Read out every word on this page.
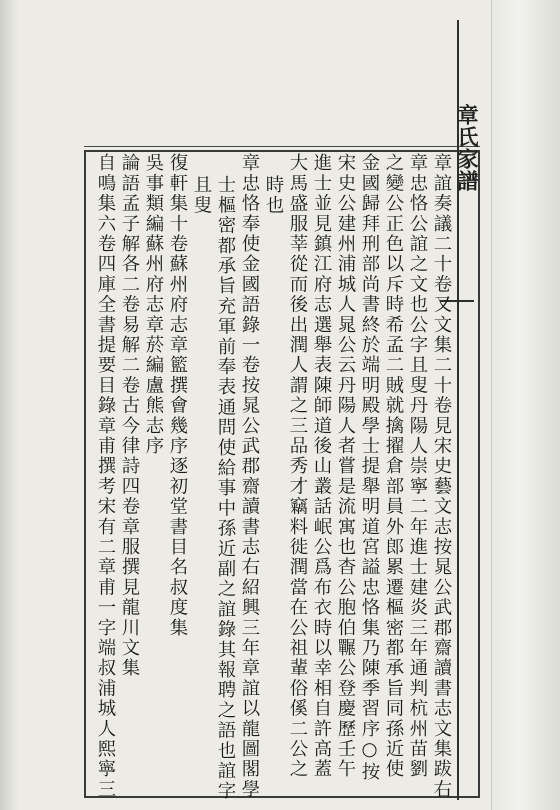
章氏家譜
章誼奏議二十卷又文集二十卷見宋史藝文志按晁公武郡齋讀書志文集跋右
章忠恪公誼之文也公字且叟丹陽人崇寧二年進士建炎三年通判杭州苗劉
之變公正色以斥時希孟二賊就擒擢倉部員外郎累遷樞密都承旨同孫近使
金國歸拜刑部尚書終於端明殿學士提舉明道宮謚忠恪集乃陳季習序○按
宋史公建州浦城人晁公云丹陽人者嘗是流寓也杳公胞伯囅公登慶歷壬午
進士並見鎮江府志選舉表陳師道後山叢話岷公爲布衣時以幸相自許高蓋
大馬盛服莘從而後出潤人謂之三品秀才竊料徙潤當在公祖輩俗傒二公之
時也
章忠恪奉使金國語錄一卷按晁公武郡齋讀書志右紹興三年章誼以龍圖閣學
士樞密都承旨充軍前奉表通問使給事中孫近副之誼錄其報聘之語也誼字
且叟
復軒集十卷蘇州府志章籃撰會幾序逐初堂書目名叔度集
吳事類編蘇州府志章菸編盧熊志序
論語孟子解各二卷易解二卷古今律詩四卷章服撰見龍川文集
自鳴集六卷四庫全書提要目錄章甫撰考宋有二章甫一字端叔浦城人熙寧三
